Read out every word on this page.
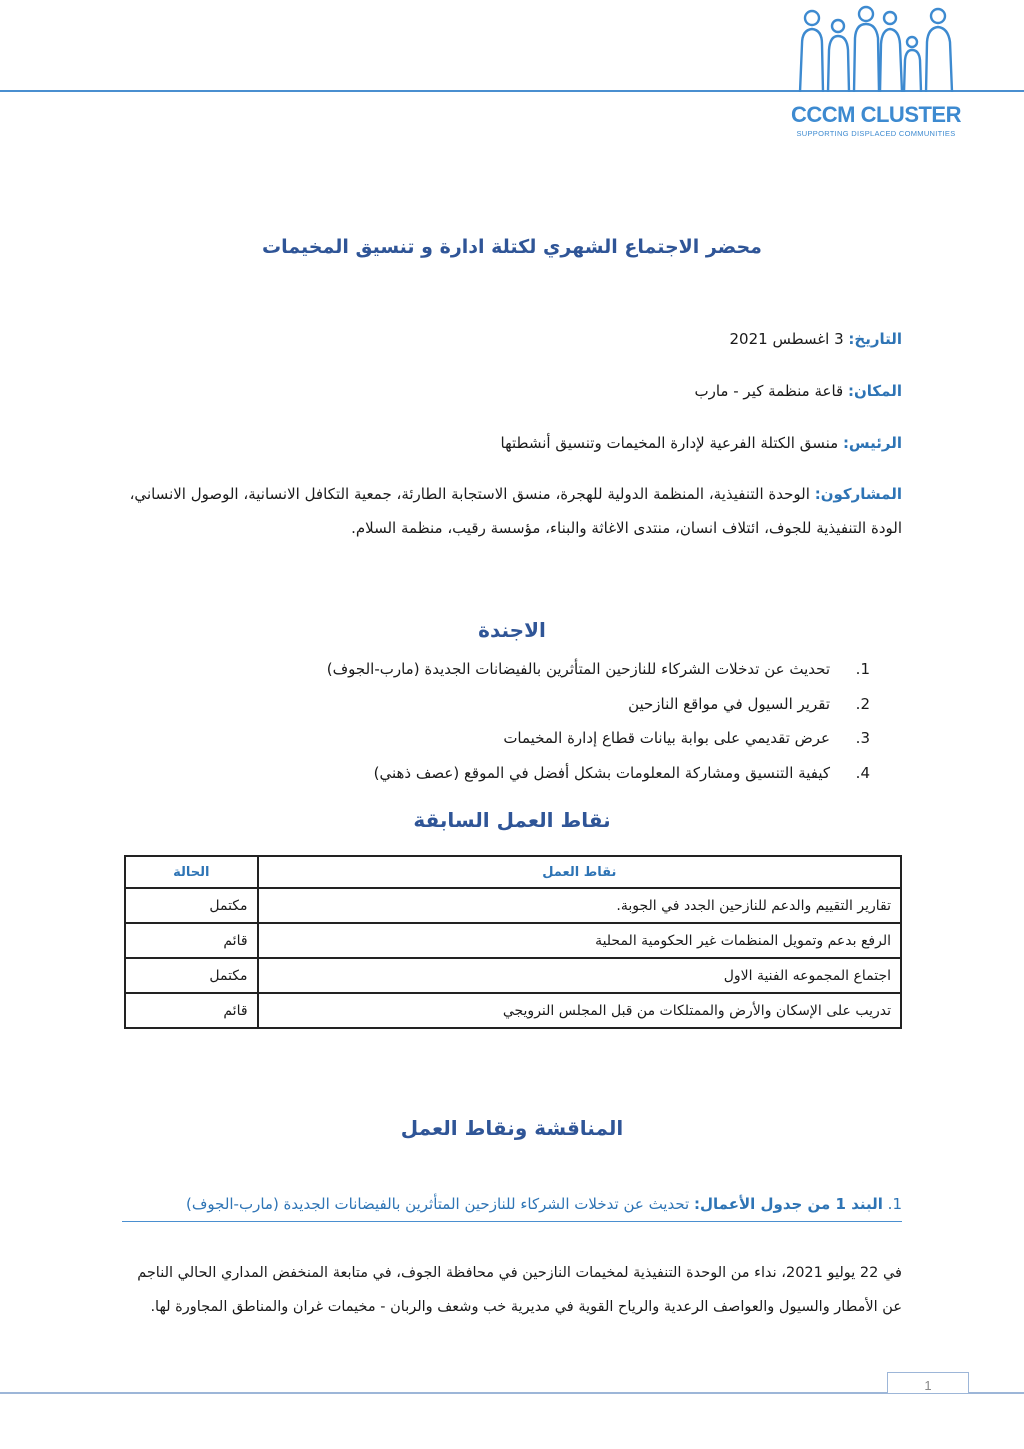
CCCM CLUSTER
SUPPORTING DISPLACED COMMUNITIES
محضر الاجتماع الشهري لكتلة ادارة و تنسيق المخيمات
التاريخ: 3 اغسطس 2021
المكان: قاعة منظمة كير - مارب
الرئيس: منسق الكتلة الفرعية لإدارة المخيمات وتنسيق أنشطتها
المشاركون: الوحدة التنفيذية، المنظمة الدولية للهجرة، منسق الاستجابة الطارئة، جمعية التكافل الانسانية، الوصول الانساني، الودة التنفيذية للجوف، ائتلاف انسان، منتدى الاغاثة والبناء، مؤسسة رقيب، منظمة السلام.
الاجندة
1.
تحديث عن تدخلات الشركاء للنازحين المتأثرين بالفيضانات الجديدة (مارب-الجوف)
2.
تقرير السيول في مواقع النازحين
3.
عرض تقديمي على بوابة بيانات قطاع إدارة المخيمات
4.
كيفية التنسيق ومشاركة المعلومات بشكل أفضل في الموقع (عصف ذهني)
نقاط العمل السابقة
نقاط العمل	الحالة
تقارير التقييم والدعم للنازحين الجدد في الجوبة.	مكتمل
الرفع بدعم وتمويل المنظمات غير الحكومية المحلية	قائم
اجتماع المجموعه الفنية الاول	مكتمل
تدريب على الإسكان والأرض والممتلكات من قبل المجلس النرويجي	قائم
المناقشة ونقاط العمل
1. البند 1 من جدول الأعمال: تحديث عن تدخلات الشركاء للنازحين المتأثرين بالفيضانات الجديدة (مارب-الجوف)
في 22 يوليو 2021، نداء من الوحدة التنفيذية لمخيمات النازحين في محافظة الجوف، في متابعة المنخفض المداري الحالي الناجم عن الأمطار والسيول والعواصف الرعدية والرياح القوية في مديرية خب وشعف والربان - مخيمات غران والمناطق المجاورة لها.
1
